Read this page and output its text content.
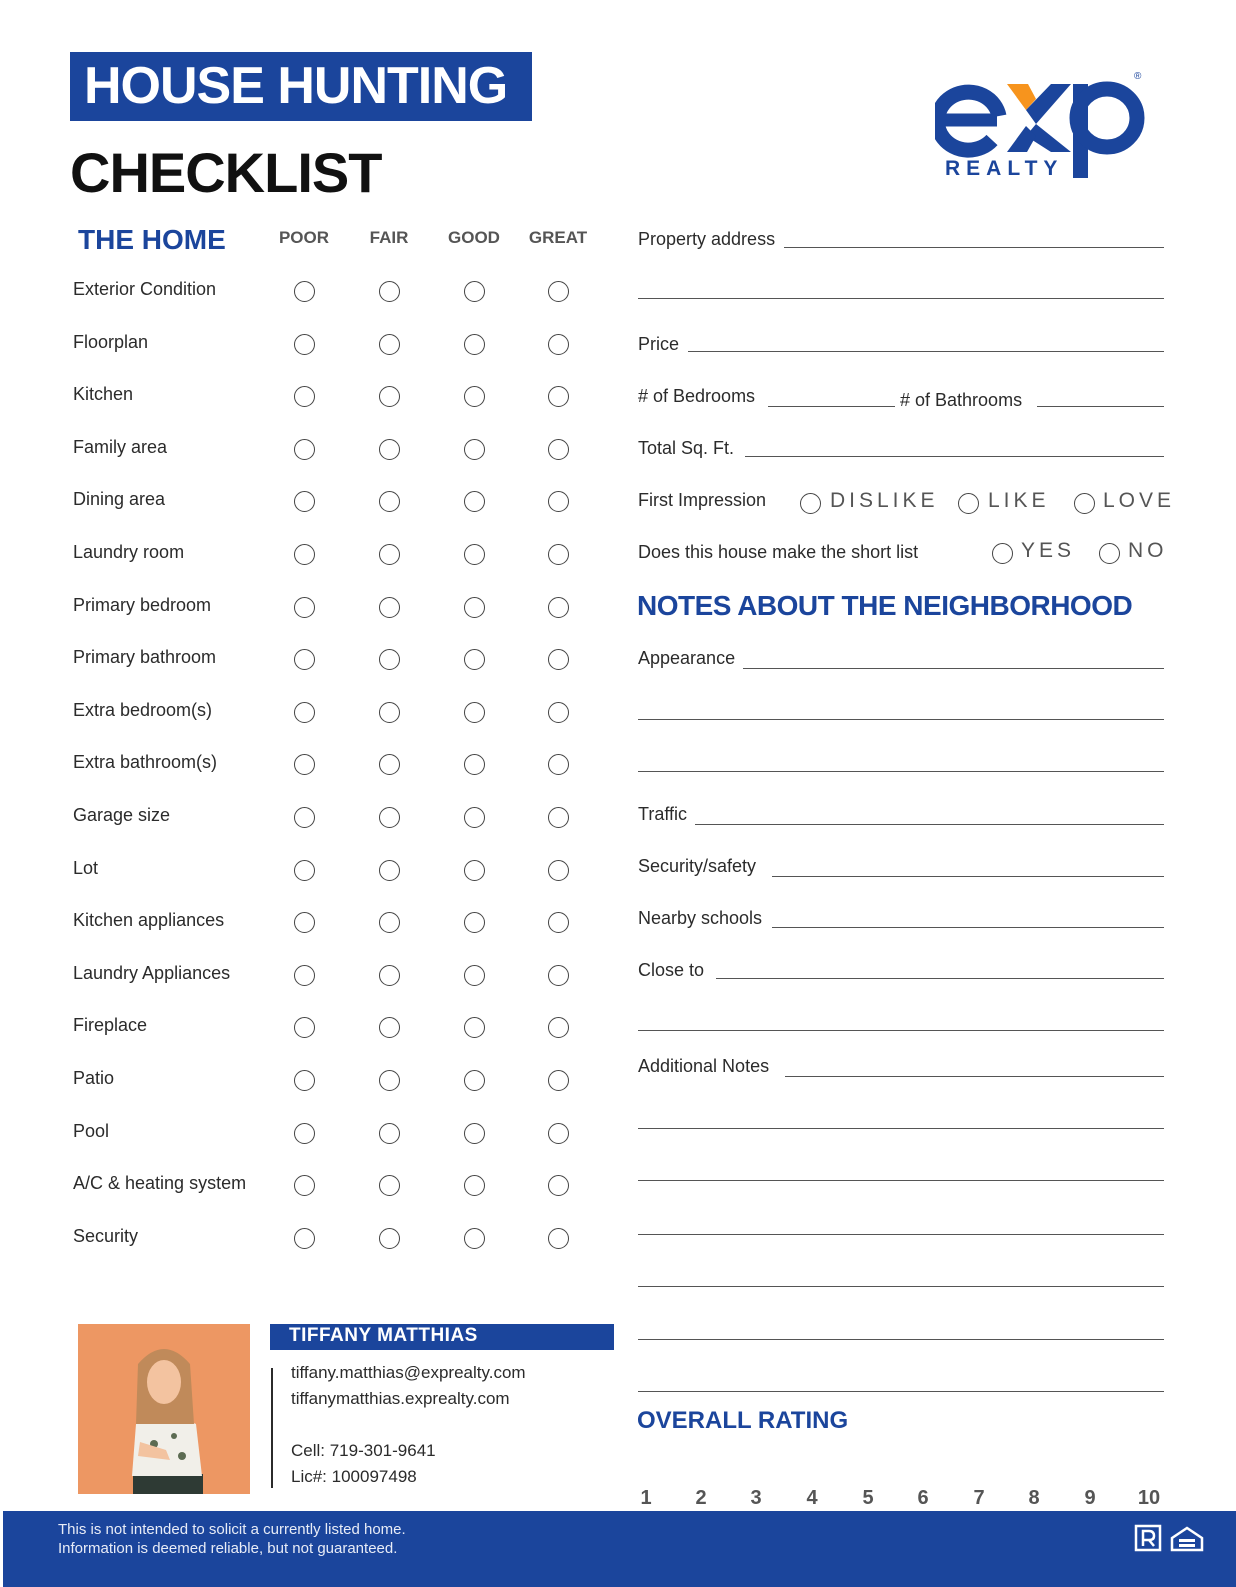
HOUSE HUNTING
CHECKLIST	REALTY
®
THE HOME	POOR	FAIR	GOOD	GREAT
Exterior Condition
Floorplan
Kitchen
Family area
Dining area
Laundry room
Primary bedroom
Primary bathroom
Extra bedroom(s)
Extra bathroom(s)
Garage size
Lot
Kitchen appliances
Laundry Appliances
Fireplace
Patio
Pool
A/C & heating system
Security
Property address
Price
# of Bedrooms	# of Bathrooms
Total Sq. Ft.
First Impression	DISLIKE LIKE	LOVE
Does this house make the short list	YES	NO
NOTES ABOUT THE NEIGHBORHOOD
Appearance
Traffic
Security/safety
Nearby schools
Close to
Additional Notes
OVERALL RATING
1	2	3	4	5	6	7	8	9	10
TIFFANY MATTHIAS
tiffany.matthias@exprealty.com
tiffanymatthias.exprealty.com
Cell: 719-301-9641
Lic#: 100097498
This is not intended to solicit a currently listed home.
Information is deemed reliable, but not guaranteed.
